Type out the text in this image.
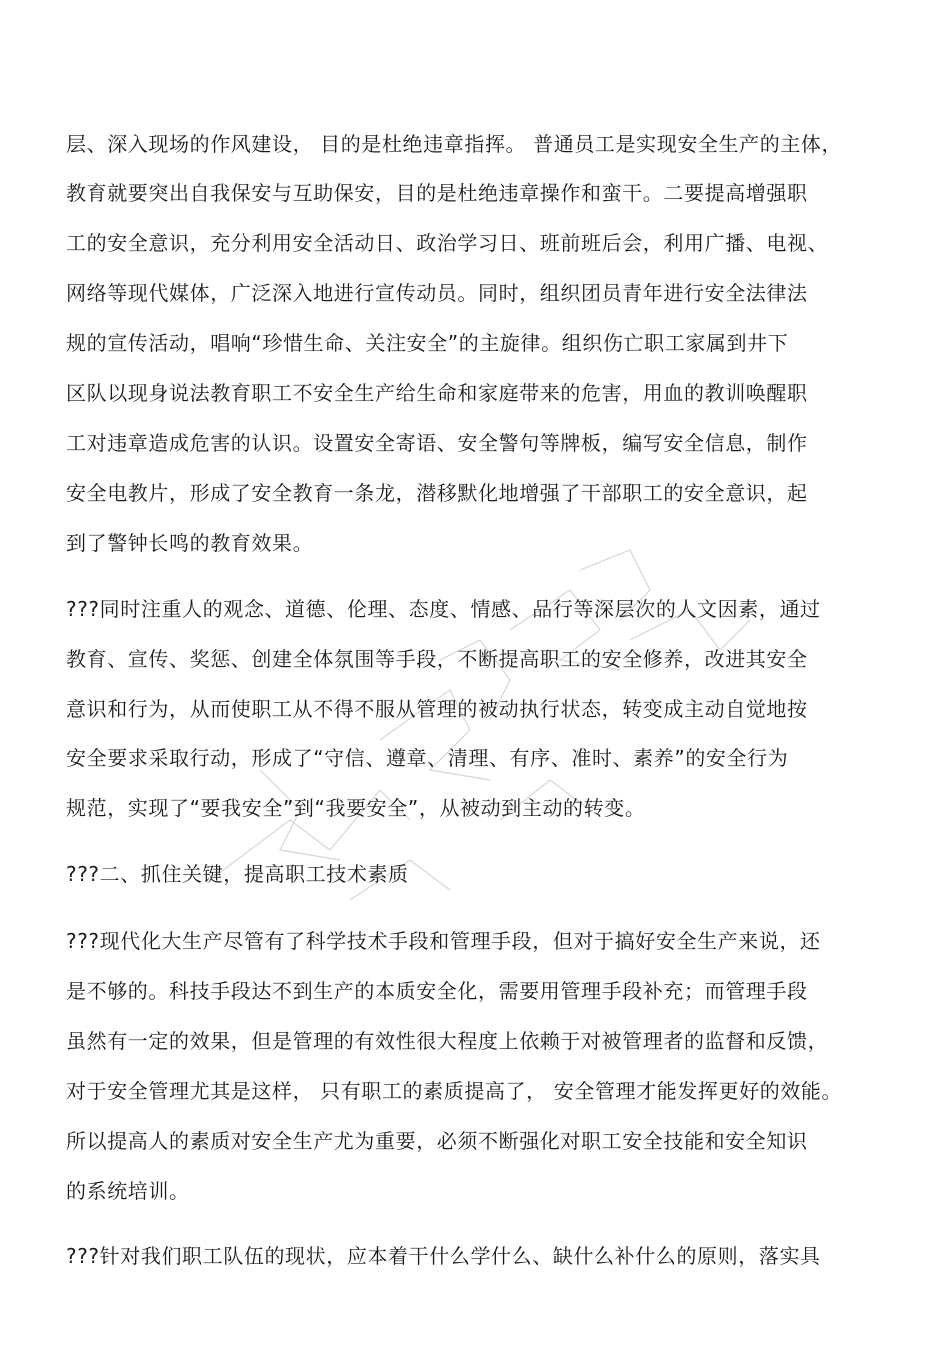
层、深入现场的作风建设， 目的是杜绝违章指挥。 普通员工是实现安全生产的主体，
教育就要突出自我保安与互助保安，目的是杜绝违章操作和蛮干。二要提高增强职
工的安全意识，充分利用安全活动日、政治学习日、班前班后会，利用广播、电视、
网络等现代媒体，广泛深入地进行宣传动员。同时，组织团员青年进行安全法律法
规的宣传活动，唱响“珍惜生命、关注安全”的主旋律。组织伤亡职工家属到井下
区队以现身说法教育职工不安全生产给生命和家庭带来的危害，用血的教训唤醒职
工对违章造成危害的认识。设置安全寄语、安全警句等牌板，编写安全信息，制作
安全电教片，形成了安全教育一条龙，潜移默化地增强了干部职工的安全意识，起
到了警钟长鸣的教育效果。
???同时注重人的观念、道德、伦理、态度、情感、品行等深层次的人文因素，通过
教育、宣传、奖惩、创建全体氛围等手段，不断提高职工的安全修养，改进其安全
意识和行为，从而使职工从不得不服从管理的被动执行状态，转变成主动自觉地按
安全要求采取行动，形成了“守信、遵章、清理、有序、准时、素养”的安全行为
规范，实现了“要我安全”到“我要安全”，从被动到主动的转变。
???二、抓住关键，提高职工技术素质
???现代化大生产尽管有了科学技术手段和管理手段，但对于搞好安全生产来说，还
是不够的。科技手段达不到生产的本质安全化，需要用管理手段补充；而管理手段
虽然有一定的效果，但是管理的有效性很大程度上依赖于对被管理者的监督和反馈，
对于安全管理尤其是这样， 只有职工的素质提高了， 安全管理才能发挥更好的效能。
所以提高人的素质对安全生产尤为重要，必须不断强化对职工安全技能和安全知识
的系统培训。
???针对我们职工队伍的现状，应本着干什么学什么、缺什么补什么的原则，落实具
